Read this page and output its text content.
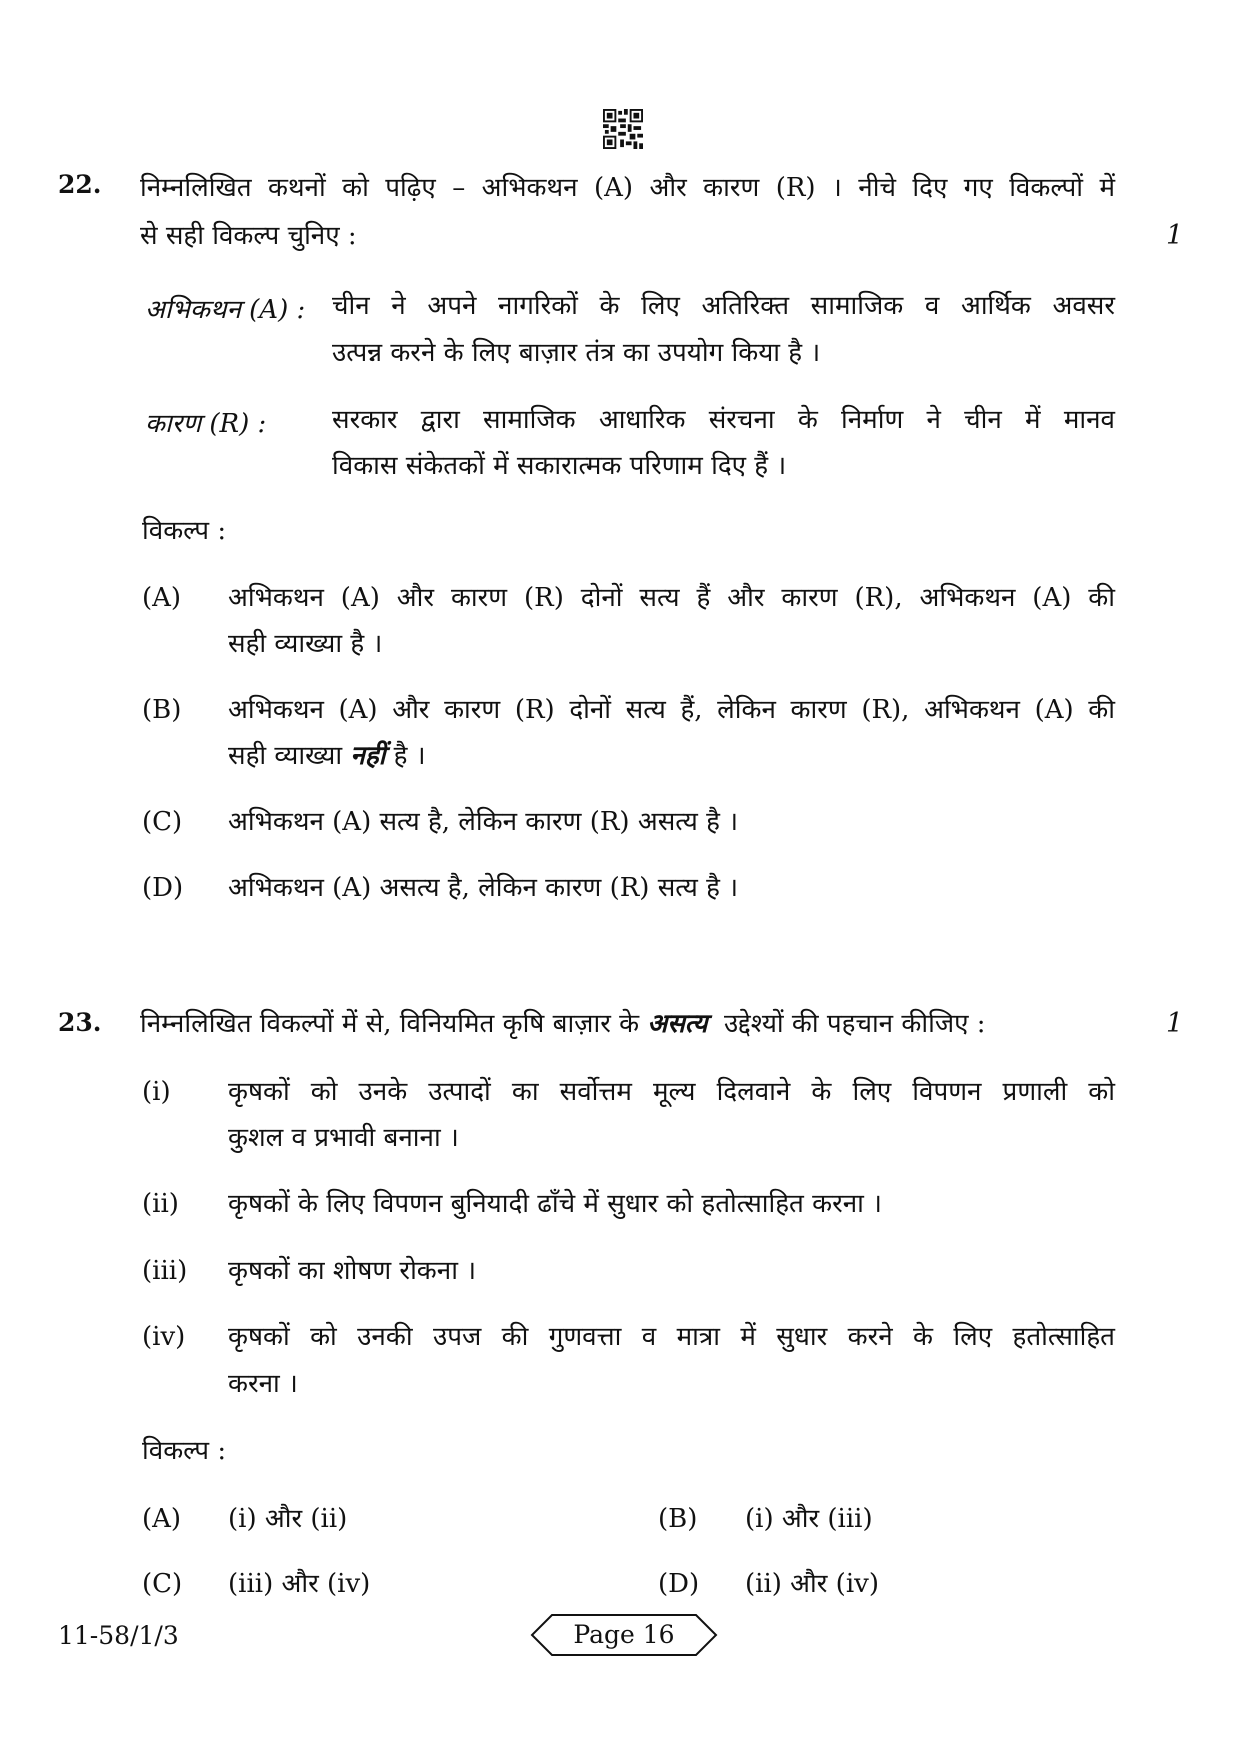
22. निम्नलिखित कथनों को पढ़िए – अभिकथन (A) और कारण (R) । नीचे दिए गए विकल्पों में
से सही विकल्प चुनिए :	1
अभिकथन (A) : चीन ने अपने नागरिकों के लिए अतिरिक्त सामाजिक व आर्थिक अवसर
उत्पन्न करने के लिए बाज़ार तंत्र का उपयोग किया है ।
कारण (R) :	सरकार द्वारा सामाजिक आधारिक संरचना के निर्माण ने चीन में मानव
विकास संकेतकों में सकारात्मक परिणाम दिए हैं ।
विकल्प :
(A) अभिकथन (A) और कारण (R) दोनों सत्य हैं और कारण (R), अभिकथन (A) की
सही व्याख्या है ।
(B) अभिकथन (A) और कारण (R) दोनों सत्य हैं, लेकिन कारण (R), अभिकथन (A) की
सही व्याख्या नहीं है ।
(C) अभिकथन (A) सत्य है, लेकिन कारण (R) असत्य है ।
(D) अभिकथन (A) असत्य है, लेकिन कारण (R) सत्य है ।
23. निम्नलिखित विकल्पों में से, विनियमित कृषि बाज़ार के असत्य उद्देश्यों की पहचान कीजिए :	1
(i) कृषकों को उनके उत्पादों का सर्वोत्तम मूल्य दिलवाने के लिए विपणन प्रणाली को
कुशल व प्रभावी बनाना ।
(ii) कृषकों के लिए विपणन बुनियादी ढाँचे में सुधार को हतोत्साहित करना ।
(iii) कृषकों का शोषण रोकना ।
(iv) कृषकों को उनकी उपज की गुणवत्ता व मात्रा में सुधार करने के लिए हतोत्साहित
करना ।
विकल्प :
(A) (i) और (ii)	(B) (i) और (iii)
(C) (iii) और (iv)	(D) (ii) और (iv)
11-58/1/3	Page 16
